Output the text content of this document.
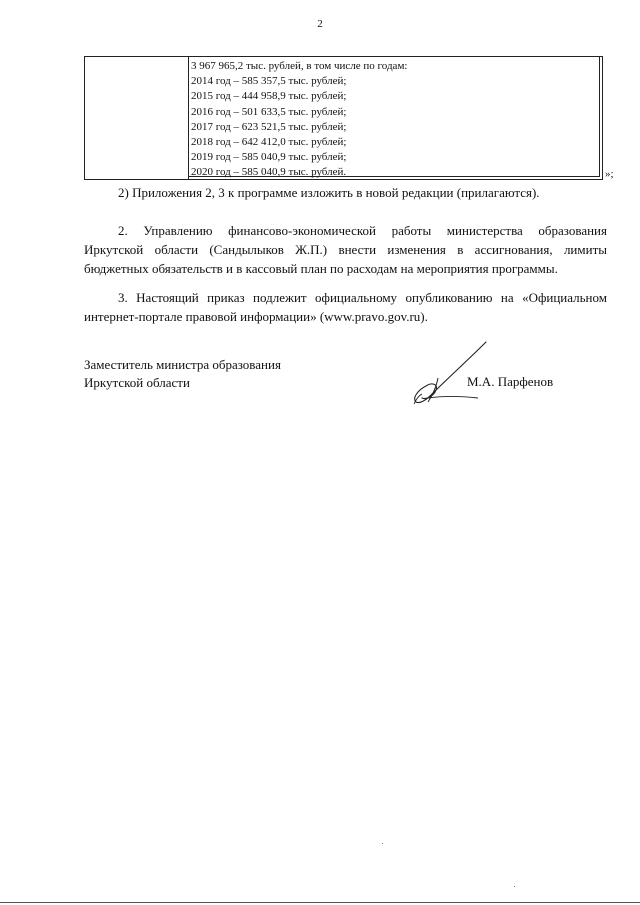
2
3 967 965,2 тыс. рублей, в том числе по годам:
2014 год – 585 357,5 тыс. рублей;
2015 год – 444 958,9 тыс. рублей;
2016 год – 501 633,5 тыс. рублей;
2017 год – 623 521,5 тыс. рублей;
2018 год – 642 412,0 тыс. рублей;
2019 год – 585 040,9 тыс. рублей;
2020 год – 585 040,9 тыс. рублей.	»;

2) Приложения 2, 3 к программе изложить в новой редакции (прилагаются).

2. Управлению финансово-экономической работы министерства образования Иркутской области (Сандылыков Ж.П.) внести изменения в ассигнования, лимиты бюджетных обязательств и в кассовый план по расходам на мероприятия программы.

3. Настоящий приказ подлежит официальному опубликованию на «Официальном интернет-портале правовой информации» (www.pravo.gov.ru).

Заместитель министра образования
Иркутской области	М.А. Парфенов
